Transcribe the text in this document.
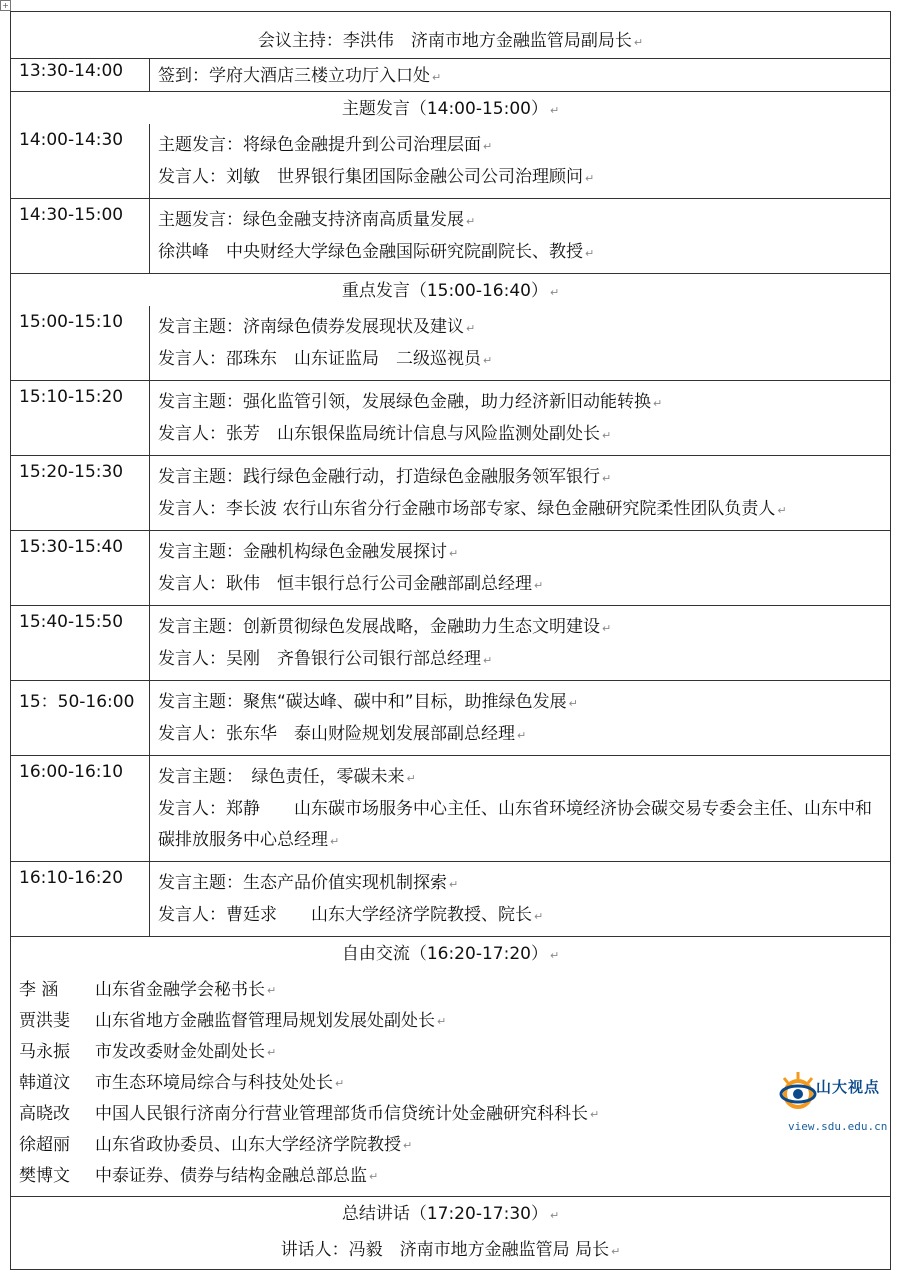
+
会议主持：李洪伟　济南市地方金融监管局副局长 ↵
13:30-14:00	签到：学府大酒店三楼立功厅入口处 ↵
主题发言（14:00-15:00） ↵
14:00-14:30	主题发言：将绿色金融提升到公司治理层面 ↵
发言人：刘敏　世界银行集团国际金融公司公司治理顾问 ↵
14:30-15:00	主题发言：绿色金融支持济南高质量发展 ↵
徐洪峰　中央财经大学绿色金融国际研究院副院长、教授 ↵
重点发言（15:00-16:40） ↵
15:00-15:10	发言主题：济南绿色债券发展现状及建议 ↵
发言人：邵珠东　山东证监局　二级巡视员 ↵
15:10-15:20	发言主题：强化监管引领，发展绿色金融，助力经济新旧动能转换 ↵
发言人：张芳　山东银保监局统计信息与风险监测处副处长 ↵
15:20-15:30	发言主题：践行绿色金融行动，打造绿色金融服务领军银行 ↵
发言人：李长波 农行山东省分行金融市场部专家、绿色金融研究院柔性团队负责人 ↵
15:30-15:40	发言主题：金融机构绿色金融发展探讨 ↵
发言人：耿伟　恒丰银行总行公司金融部副总经理 ↵
15:40-15:50	发言主题：创新贯彻绿色发展战略，金融助力生态文明建设 ↵
发言人：吴刚　齐鲁银行公司银行部总经理 ↵
15：50-16:00	发言主题：聚焦“碳达峰、碳中和”目标，助推绿色发展 ↵
发言人：张东华　泰山财险规划发展部副总经理 ↵
16:00-16:10	发言主题：　绿色责任，零碳未来 ↵
发言人：郑静　　山东碳市场服务中心主任、山东省环境经济协会碳交易专委会主任、山东中和碳排放服务中心总经理 ↵
16:10-16:20	发言主题：生态产品价值实现机制探索 ↵
发言人：曹廷求　　山东大学经济学院教授、院长 ↵
自由交流（16:20-17:20） ↵
李 涵	山东省金融学会秘书长 ↵
贾洪斐	山东省地方金融监督管理局规划发展处副处长 ↵
马永振	市发改委财金处副处长 ↵
韩道汶	市生态环境局综合与科技处处长 ↵
高晓改	中国人民银行济南分行营业管理部货币信贷统计处金融研究科科长 ↵
徐超丽	山东省政协委员、山东大学经济学院教授 ↵
樊博文	中泰证券、债券与结构金融总部总监 ↵
总结讲话（17:20-17:30） ↵
讲话人：冯毅　济南市地方金融监管局 局长 ↵
山大视点
view.sdu.edu.cn
